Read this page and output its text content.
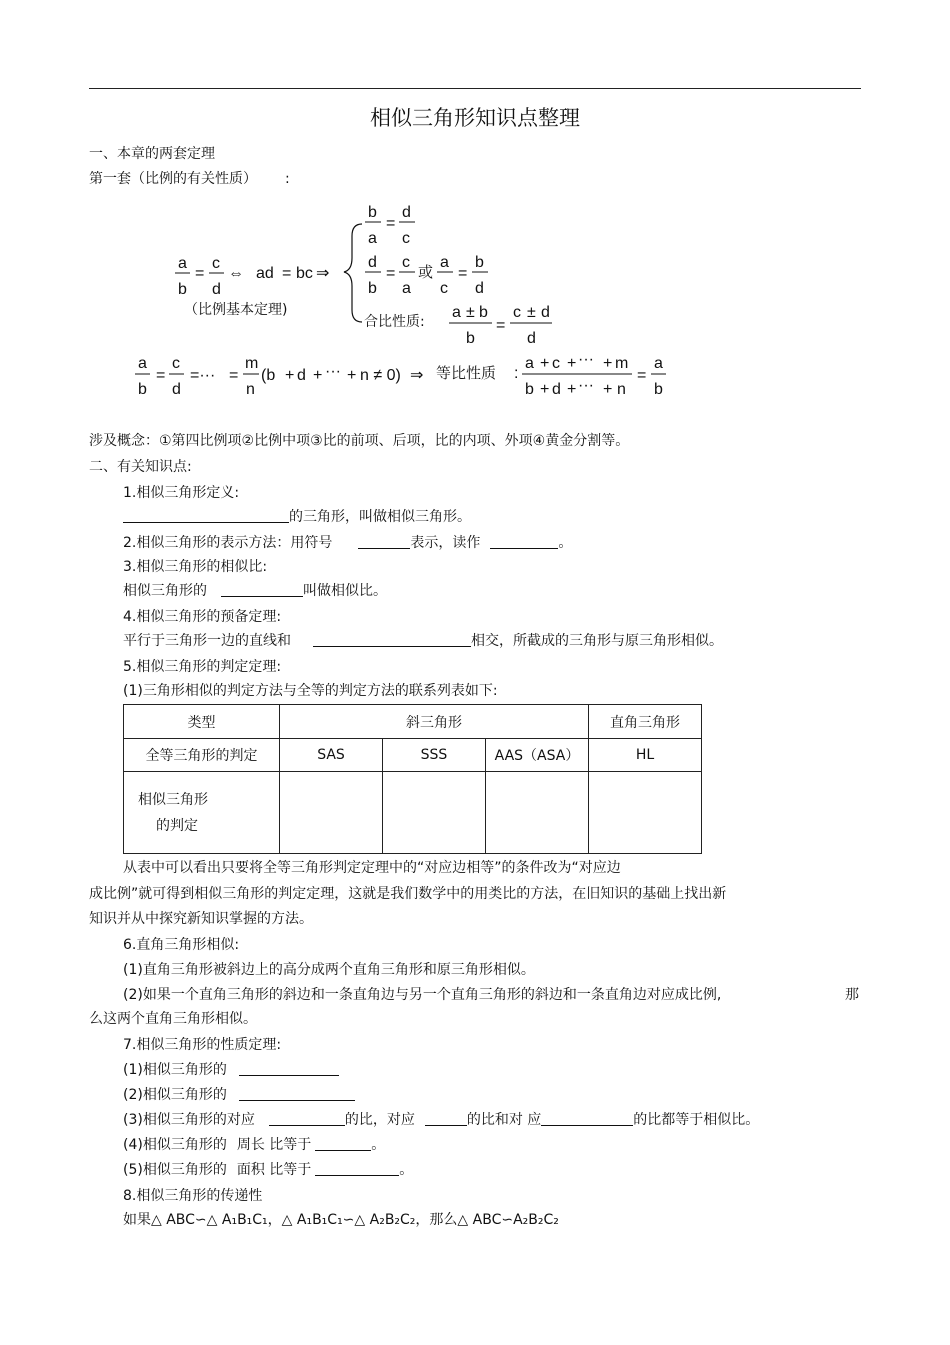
相似三角形知识点整理
一、本章的两套定理
第一套（比例的有关性质） :
a
b
=
c
d
⇔ ad = bc ⇒
b
a
=
d
c
d
b
=
c
a
或
a
c
=
b
d
合比性质:
a ± b
b
=
c ± d
d
a
b
=
c
d
=··· =
m
n
(b + d + ··· + n ≠ 0) ⇒ 等比性质 :
a + c + ··· + m
b + d + ··· + n
=
a
b
（比例基本定理)
涉及概念：①第四比例项②比例中项③比的前项、后项，比的内项、外项④黄金分割等。
二、有关知识点:
1.相似三角形定义:
的三角形，叫做相似三角形。
2.相似三角形的表示方法：用符号	表示，读作	。
3.相似三角形的相似比:
相似三角形的	叫做相似比。
4.相似三角形的预备定理:
平行于三角形一边的直线和	相交，所截成的三角形与原三角形相似。
5.相似三角形的判定定理:
(1)三角形相似的判定方法与全等的判定方法的联系列表如下:
类型	斜三角形			直角三角形
全等三角形的判定	SAS	SSS	AAS（ASA）	HL

相似三角形
的判定				

从表中可以看出只要将全等三角形判定定理中的“对应边相等”的条件改为“对应边
成比例”就可得到相似三角形的判定定理，这就是我们数学中的用类比的方法，在旧知识的基础上找出新
知识并从中探究新知识掌握的方法。
6.直角三角形相似:
(1)直角三角形被斜边上的高分成两个直角三角形和原三角形相似。
(2)如果一个直角三角形的斜边和一条直角边与另一个直角三角形的斜边和一条直角边对应成比例,	那
么这两个直角三角形相似。
7.相似三角形的性质定理:
(1)相似三角形的
(2)相似三角形的
(3)相似三角形的对应	的比，对应	的比和对 应	的比都等于相似比。
(4)相似三角形的 周长 比等于	。
(5)相似三角形的 面积 比等于	。
8.相似三角形的传递性
如果△ ABC∽△ A₁B₁C₁，△ A₁B₁C₁∽△ A₂B₂C₂，那么△ ABC∽A₂B₂C₂
